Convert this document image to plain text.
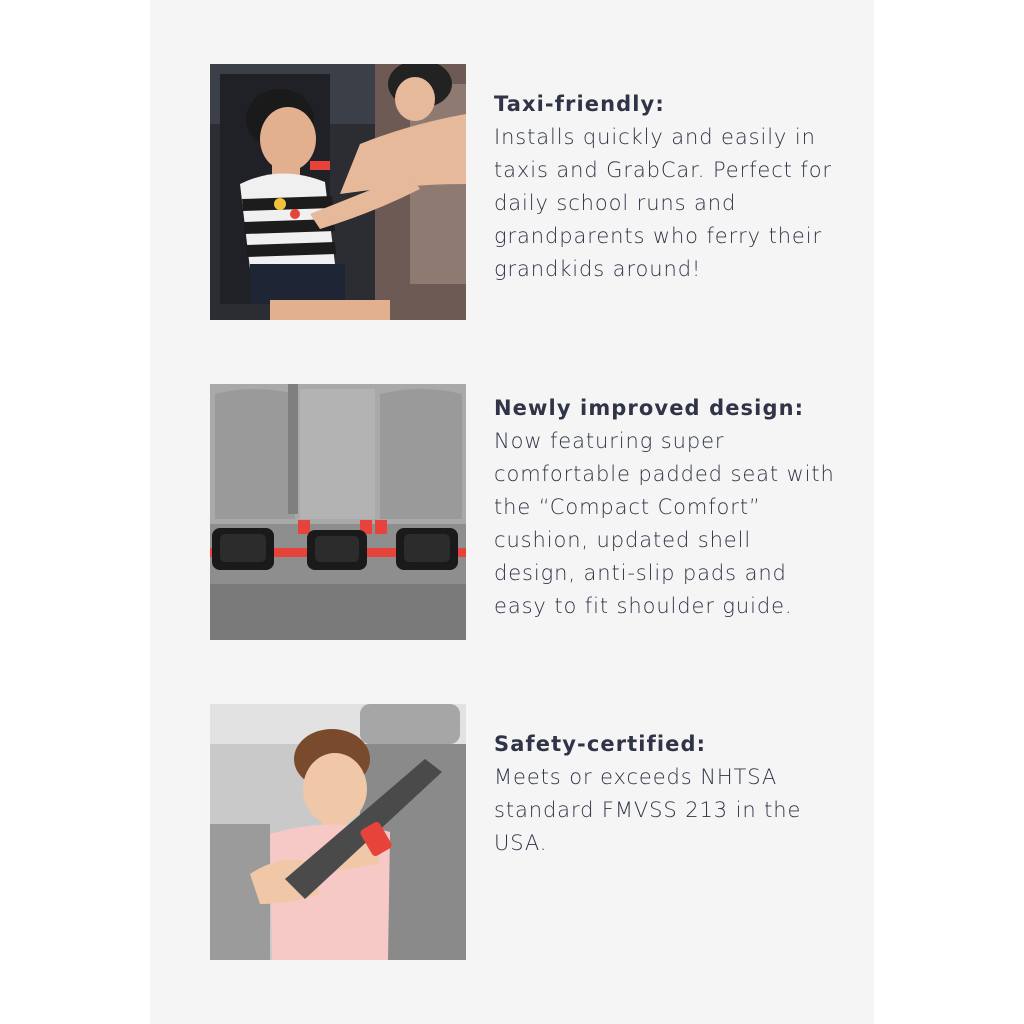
Taxi-friendly:
Installs quickly and easily in taxis and GrabCar. Perfect for daily school runs and grandparents who ferry their grandkids around!
Newly improved design:
Now featuring super comfortable padded seat with the “Compact Comfort” cushion, updated shell design, anti-slip pads and easy to fit shoulder guide.
Safety-certified:
Meets or exceeds NHTSA standard FMVSS 213 in the USA.
